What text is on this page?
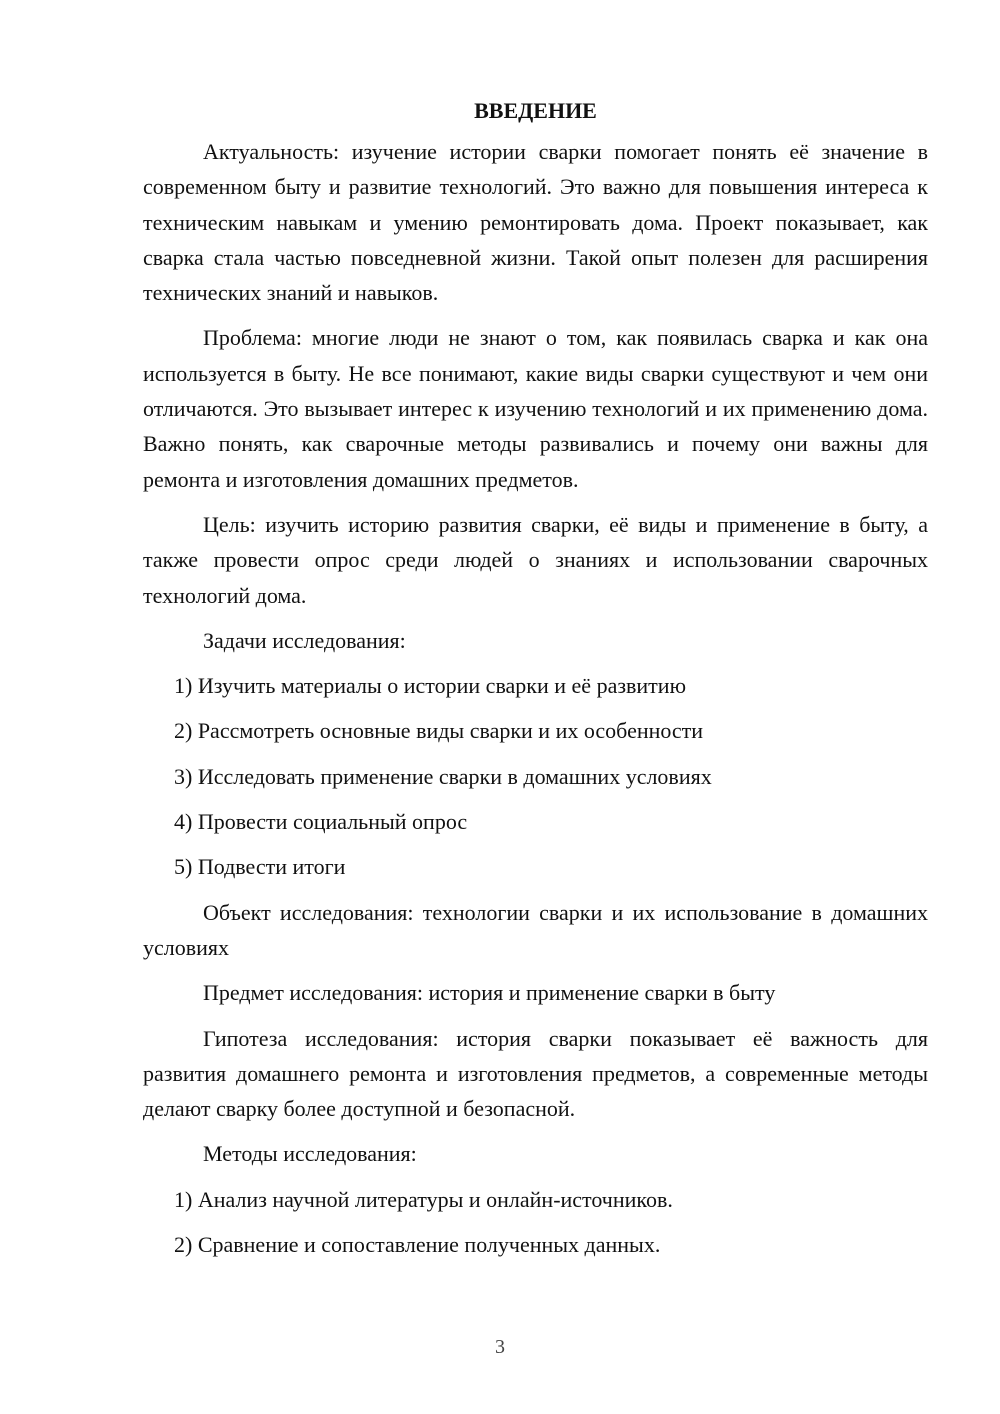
ВВЕДЕНИЕ

Актуальность: изучение истории сварки помогает понять её значение в современном быту и развитие технологий. Это важно для повышения интереса к техническим навыкам и умению ремонтировать дома. Проект показывает, как сварка стала частью повседневной жизни. Такой опыт полезен для расширения технических знаний и навыков.

Проблема: многие люди не знают о том, как появилась сварка и как она используется в быту. Не все понимают, какие виды сварки существуют и чем они отличаются. Это вызывает интерес к изучению технологий и их применению дома. Важно понять, как сварочные методы развивались и почему они важны для ремонта и изготовления домашних предметов.

Цель: изучить историю развития сварки, её виды и применение в быту, а также провести опрос среди людей о знаниях и использовании сварочных технологий дома.

Задачи исследования:

1) Изучить материалы о истории сварки и её развитию

2) Рассмотреть основные виды сварки и их особенности

3) Исследовать применение сварки в домашних условиях

4) Провести социальный опрос

5) Подвести итоги

Объект исследования: технологии сварки и их использование в домашних условиях

Предмет исследования: история и применение сварки в быту

Гипотеза исследования: история сварки показывает её важность для развития домашнего ремонта и изготовления предметов, а современные методы делают сварку более доступной и безопасной.

Методы исследования:

1) Анализ научной литературы и онлайн-источников.

2) Сравнение и сопоставление полученных данных.

3
